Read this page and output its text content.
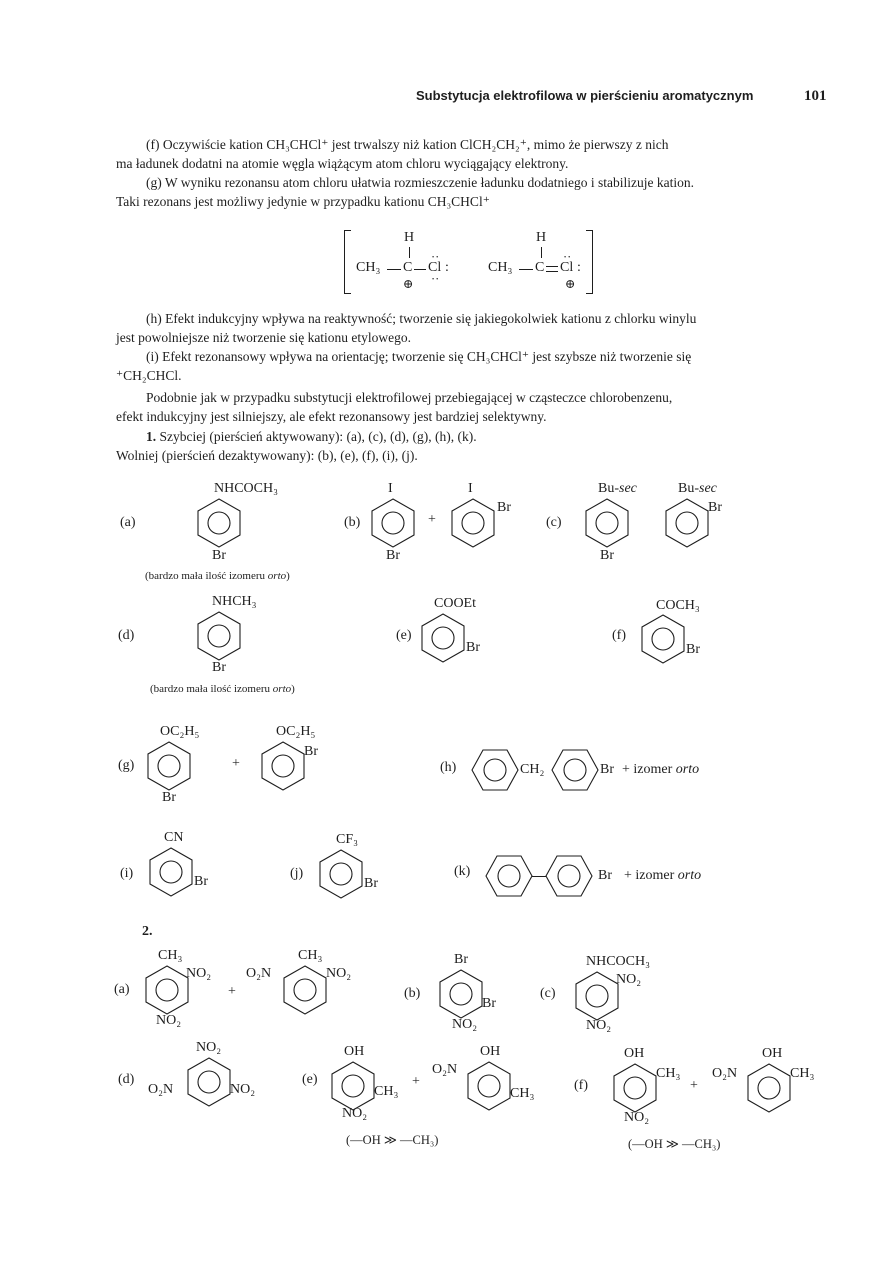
Substytucja elektrofilowa w pierścieniu aromatycznym	101
(f) Oczywiście kation CH₃CHCl⁺ jest trwalszy niż kation ClCH₂CH₂⁺, mimo że pierwszy z nich
ma ładunek dodatni na atomie węgla wiążącym atom chloru wyciągający elektrony.
(g) W wyniku rezonansu atom chloru ułatwia rozmieszczenie ładunku dodatniego i stabilizuje kation.
Taki rezonans jest możliwy jedynie w przypadku kationu CH₃CHCl⁺
H
CH₃ C
··
Cl :
··
⊕
H
CH₃ C
··
Cl :
⊕
(h) Efekt indukcyjny wpływa na reaktywność; tworzenie się jakiegokolwiek kationu z chlorku winylu
jest powolniejsze niż tworzenie się kationu etylowego.
(i) Efekt rezonansowy wpływa na orientację; tworzenie się CH₃CHCl⁺ jest szybsze niż tworzenie się
⁺CH₂CHCl.
Podobnie jak w przypadku substytucji elektrofilowej przebiegającej w cząsteczce chlorobenzenu,
efekt indukcyjny jest silniejszy, ale efekt rezonansowy jest bardziej selektywny.
1. Szybciej (pierścień aktywowany): (a), (c), (d), (g), (h), (k).
Wolniej (pierścień dezaktywowany): (b), (e), (f), (i), (j).
(a)
NHCOCH₃
Br
(bardzo mała ilość izomeru orto)
(b)
I
Br
+
I
Br
(c)
Bu-sec
Br
Bu-sec
Br
(d)
NHCH₃
Br
(bardzo mała ilość izomeru orto)
(e)
COOEt
Br
(f)
COCH₃
Br
(g)
OC₂H₅
Br
+
OC₂H₅
Br
(h)	CH₂	Br + izomer orto
(i)
CN
Br
(j)
CF₃
Br
(k)	Br + izomer orto
2.
(a)
CH₃
NO₂
NO₂
+
CH₃
O₂N	NO₂
(b)
Br
Br
NO₂
(c)
NHCOCH₃
NO₂
NO₂
(d)
NO₂
O₂N	NO₂
(e)
OH
CH₃
NO₂
+
OH
O₂N
CH₃
(—OH ≫ —CH₃)
(f)
OH
CH₃
NO₂
+
OH
O₂N	CH₃
(—OH ≫ —CH₃)
